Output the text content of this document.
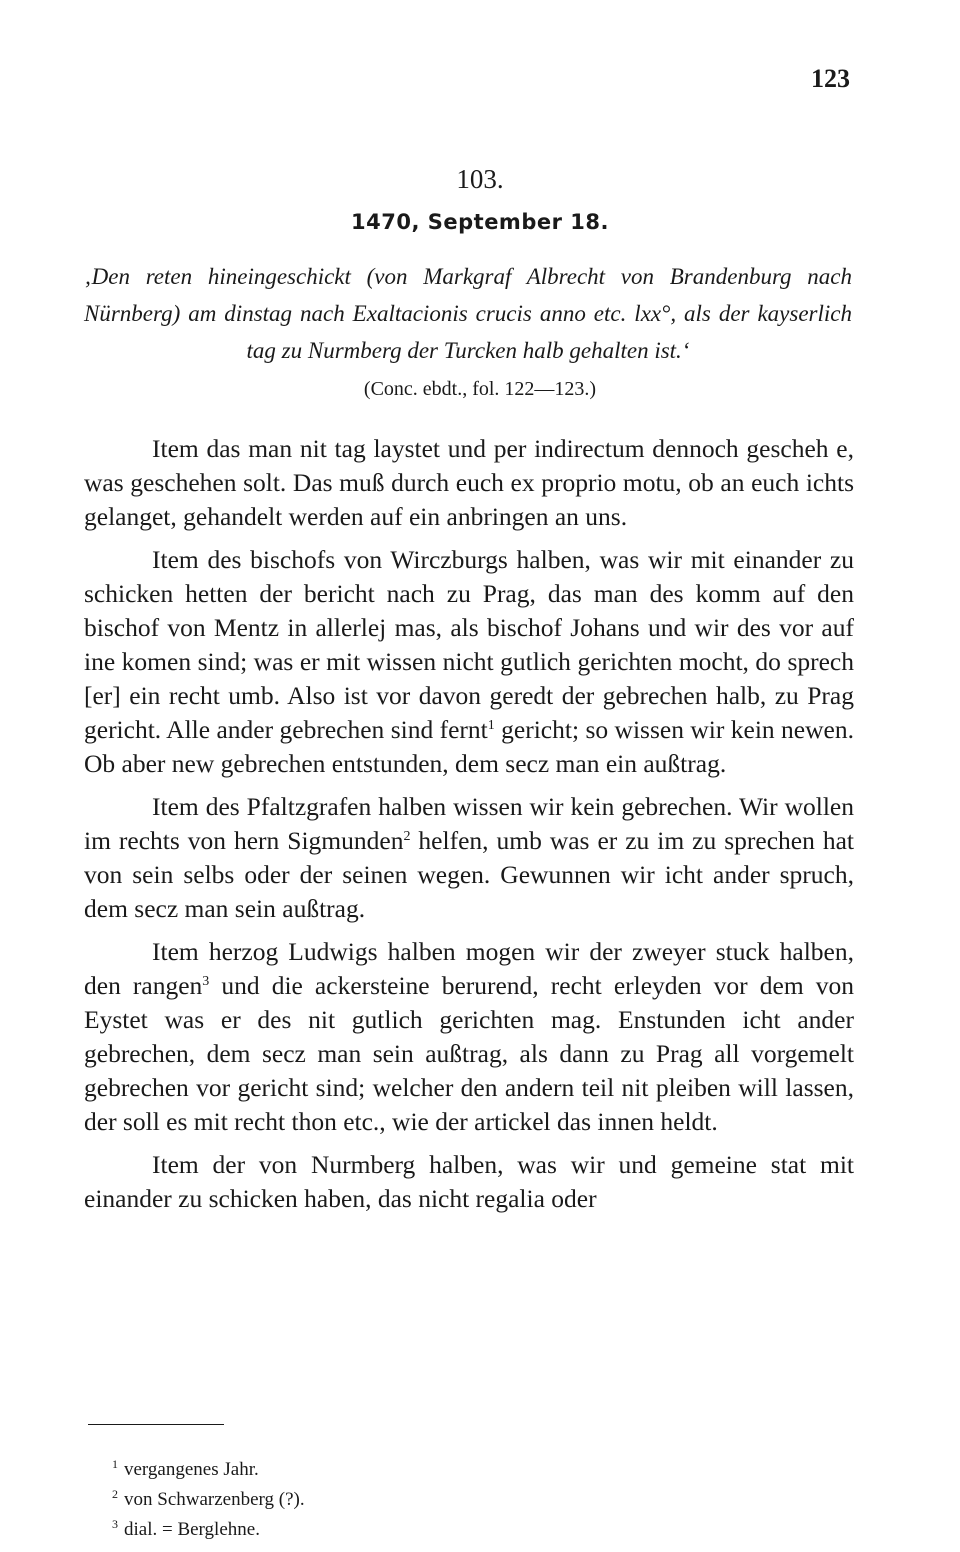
123
103.
1470, September 18.
‚Den reten hineingeschickt (von Markgraf Albrecht von Brandenburg nach Nürnberg) am dinstag nach Exaltacionis crucis anno etc. lxx°, als der kayserlich tag zu Nurmberg der Turcken halb gehalten ist.‘
(Conc. ebdt., fol. 122—123.)

Item das man nit tag laystet und per indirectum dennoch gescheh e, was geschehen solt. Das muß durch euch ex proprio motu, ob an euch ichts gelanget, gehandelt werden auf ein anbringen an uns.

Item des bischofs von Wirczburgs halben, was wir mit einander zu schicken hetten der bericht nach zu Prag, das man des komm auf den bischof von Mentz in allerlej mas, als bischof Johans und wir des vor auf ine komen sind; was er mit wissen nicht gutlich gerichten mocht, do sprech [er] ein recht umb. Also ist vor davon geredt der gebrechen halb, zu Prag gericht. Alle ander gebrechen sind fernt$^1$ gericht; so wissen wir kein newen. Ob aber new gebrechen entstunden, dem secz man ein außtrag.

Item des Pfaltzgrafen halben wissen wir kein gebrechen. Wir wollen im rechts von hern Sigmunden$^2$ helfen, umb was er zu im zu sprechen hat von sein selbs oder der seinen wegen. Gewunnen wir icht ander spruch, dem secz man sein außtrag.

Item herzog Ludwigs halben mogen wir der zweyer stuck halben, den rangen$^3$ und die ackersteine berurend, recht erleyden vor dem von Eystet was er des nit gutlich gerichten mag. Enstunden icht ander gebrechen, dem secz man sein außtrag, als dann zu Prag all vorgemelt gebrechen vor gericht sind; welcher den andern teil nit pleiben will lassen, der soll es mit recht thon etc., wie der artickel das innen heldt.

Item der von Nurmberg halben, was wir und gemeine stat mit einander zu schicken haben, das nicht regalia oder

$^1$ vergangenes Jahr.
$^2$ von Schwarzenberg (?).
$^3$ dial. = Berglehne.
